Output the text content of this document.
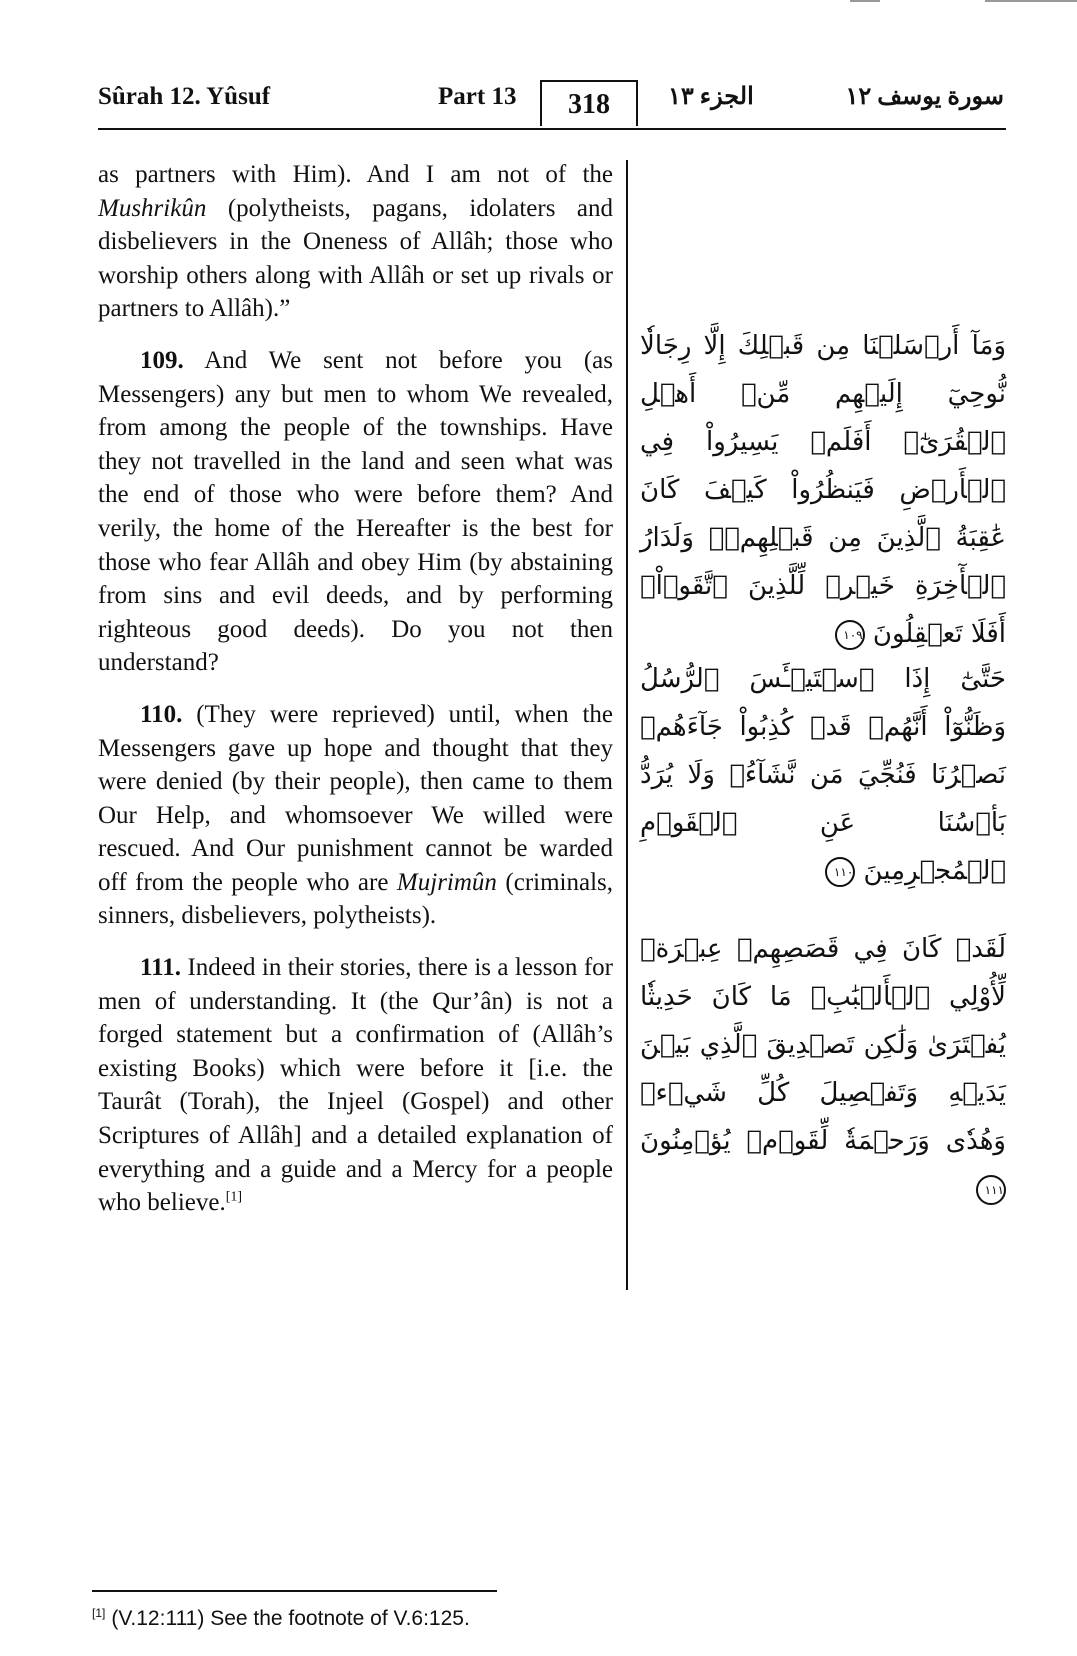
Sûrah 12. Yûsuf	Part 13	318	الجزء ١٣	سورة يوسف ١٢

as partners with Him). And I am not of the Mushrikûn (polytheists, pagans, idolaters and disbelievers in the Oneness of Allâh; those who worship others along with Allâh or set up rivals or partners to Allâh).”

109. And We sent not before you (as Messengers) any but men to whom We revealed, from among the people of the townships. Have they not travelled in the land and seen what was the end of those who were before them? And verily, the home of the Hereafter is the best for those who fear Allâh and obey Him (by abstaining from sins and evil deeds, and by performing righteous good deeds). Do you not then understand?

110. (They were reprieved) until, when the Messengers gave up hope and thought that they were denied (by their people), then came to them Our Help, and whomsoever We willed were rescued. And Our punishment cannot be warded off from the people who are Mujrimûn (criminals, sinners, disbelievers, polytheists).

111. Indeed in their stories, there is a lesson for men of understanding. It (the Qur’ân) is not a forged statement but a confirmation of (Allâh’s existing Books) which were before it [i.e. the Taurât (Torah), the Injeel (Gospel) and other Scriptures of Allâh] and a detailed explanation of everything and a guide and a Mercy for a people who believe.[1]

وَمَآ أَرۡسَلۡنَا مِن قَبۡلِكَ إِلَّا رِجَالٗا نُّوحِيٓ إِلَيۡهِم مِّنۡ أَهۡلِ ٱلۡقُرَىٰٓۗ أَفَلَمۡ يَسِيرُواْ فِي ٱلۡأَرۡضِ فَيَنظُرُواْ كَيۡفَ كَانَ عَٰقِبَةُ ٱلَّذِينَ مِن قَبۡلِهِمۡۗ وَلَدَارُ ٱلۡأٓخِرَةِ خَيۡرٞ لِّلَّذِينَ ٱتَّقَوۡاْۚ أَفَلَا تَعۡقِلُونَ ١٠٩
حَتَّىٰٓ إِذَا ٱسۡتَيۡـَٔسَ ٱلرُّسُلُ وَظَنُّوٓاْ أَنَّهُمۡ قَدۡ كُذِبُواْ جَآءَهُمۡ نَصۡرُنَا فَنُجِّيَ مَن نَّشَآءُۖ وَلَا يُرَدُّ بَأۡسُنَا عَنِ ٱلۡقَوۡمِ ٱلۡمُجۡرِمِينَ ١١٠
لَقَدۡ كَانَ فِي قَصَصِهِمۡ عِبۡرَةٞ لِّأُوْلِي ٱلۡأَلۡبَٰبِۗ مَا كَانَ حَدِيثٗا يُفۡتَرَىٰ وَلَٰكِن تَصۡدِيقَ ٱلَّذِي بَيۡنَ يَدَيۡهِ وَتَفۡصِيلَ كُلِّ شَيۡءٖ وَهُدٗى وَرَحۡمَةٗ لِّقَوۡمٖ يُؤۡمِنُونَ ١١١
[1] (V.12:111) See the footnote of V.6:125.
